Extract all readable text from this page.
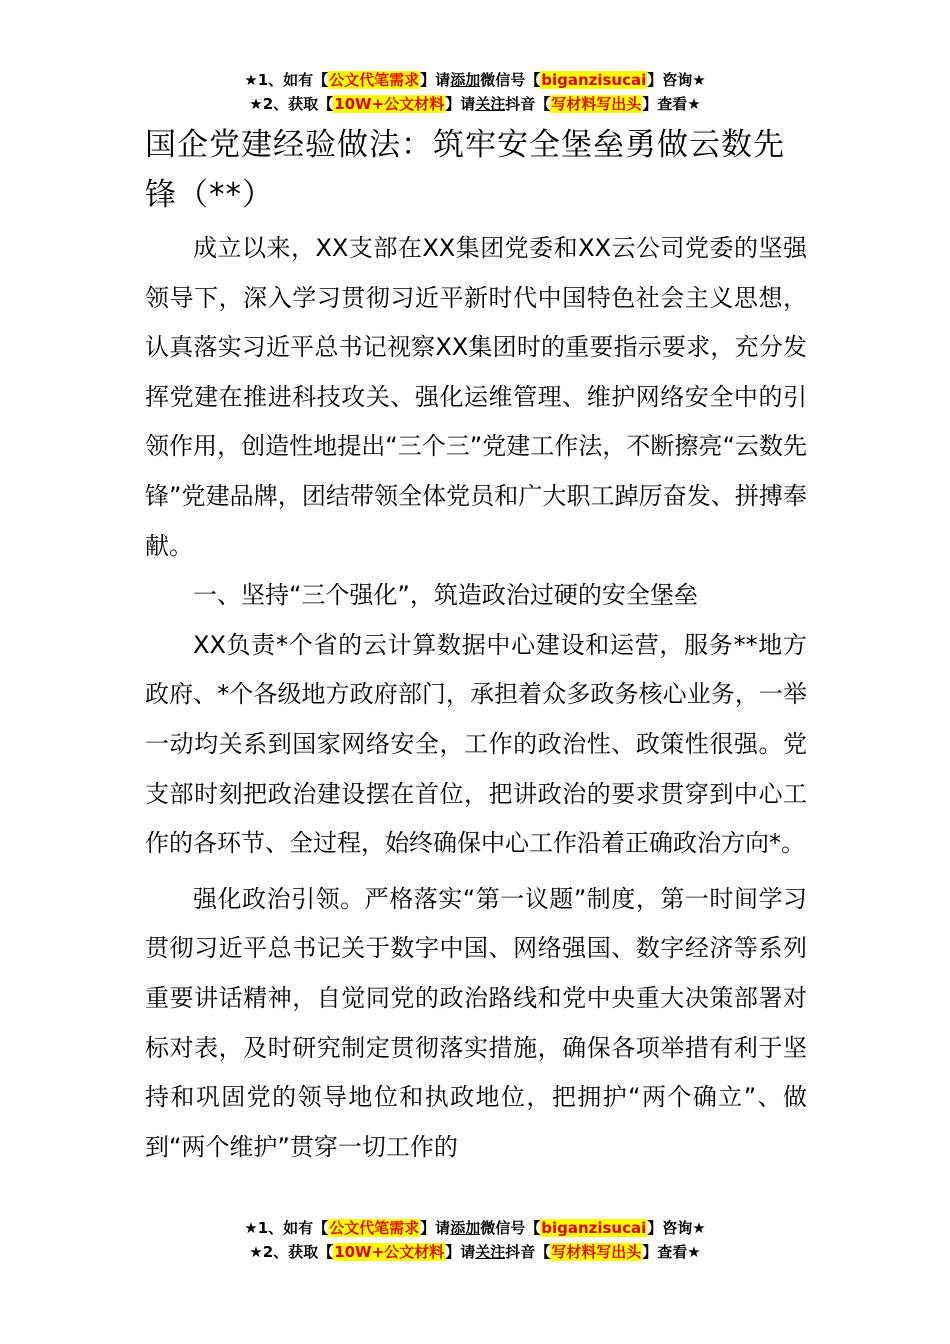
★1、如有【公文代笔需求】请添加微信号【biganzisucai】咨询★
★2、获取【10W+公文材料】请关注抖音【写材料写出头】查看★
国企党建经验做法：筑牢安全堡垒勇做云数先锋（**）

成立以来，XX支部在XX集团党委和XX云公司党委的坚强领导下，深入学习贯彻习近平新时代中国特色社会主义思想，认真落实习近平总书记视察XX集团时的重要指示要求，充分发挥党建在推进科技攻关、强化运维管理、维护网络安全中的引领作用，创造性地提出“三个三”党建工作法，不断擦亮“云数先锋”党建品牌，团结带领全体党员和广大职工踔厉奋发、拼搏奉献。

一、坚持“三个强化”，筑造政治过硬的安全堡垒

XX负责*个省的云计算数据中心建设和运营，服务**地方政府、*个各级地方政府部门，承担着众多政务核心业务，一举一动均关系到国家网络安全，工作的政治性、政策性很强。党支部时刻把政治建设摆在首位，把讲政治的要求贯穿到中心工作的各环节、全过程，始终确保中心工作沿着正确政治方向*。

强化政治引领。严格落实“第一议题”制度，第一时间学习贯彻习近平总书记关于数字中国、网络强国、数字经济等系列重要讲话精神，自觉同党的政治路线和党中央重大决策部署对标对表，及时研究制定贯彻落实措施，确保各项举措有利于坚持和巩固党的领导地位和执政地位，把拥护“两个确立”、做到“两个维护”贯穿一切工作的

★1、如有【公文代笔需求】请添加微信号【biganzisucai】咨询★
★2、获取【10W+公文材料】请关注抖音【写材料写出头】查看★
